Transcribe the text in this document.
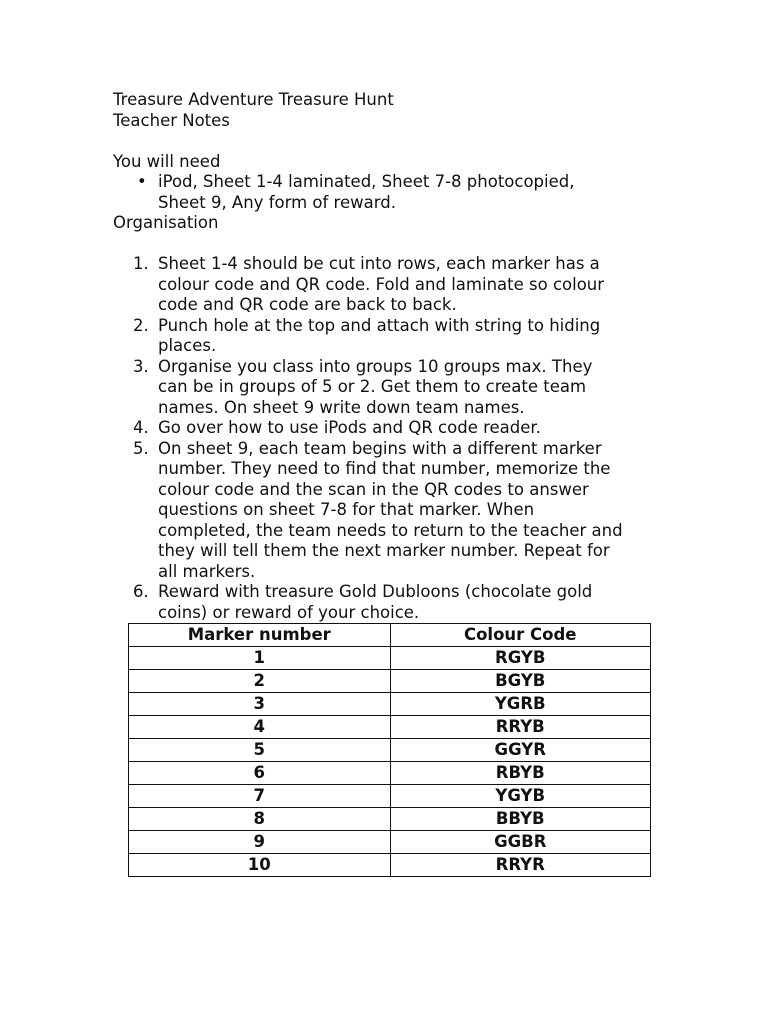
Treasure Adventure Treasure Hunt

Teacher Notes

You will need

• iPod, Sheet 1-4 laminated, Sheet 7-8 photocopied,
Sheet 9, Any form of reward.

Organisation

1. Sheet 1-4 should be cut into rows, each marker has a
colour code and QR code. Fold and laminate so colour
code and QR code are back to back.
2. Punch hole at the top and attach with string to hiding
places.
3. Organise you class into groups 10 groups max. They
can be in groups of 5 or 2. Get them to create team
names. On sheet 9 write down team names.
4. Go over how to use iPods and QR code reader.
5. On sheet 9, each team begins with a different marker
number. They need to find that number, memorize the
colour code and the scan in the QR codes to answer
questions on sheet 7-8 for that marker. When
completed, the team needs to return to the teacher and
they will tell them the next marker number. Repeat for
all markers.
6. Reward with treasure Gold Dubloons (chocolate gold
coins) or reward of your choice.
Marker number	Colour Code
1	RGYB
2	BGYB
3	YGRB
4	RRYB
5	GGYR
6	RBYB
7	YGYB
8	BBYB
9	GGBR
10	RRYR
